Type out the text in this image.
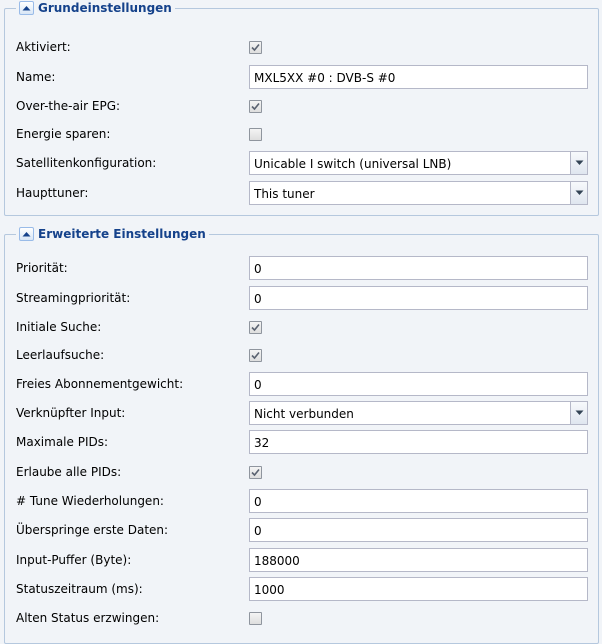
Grundeinstellungen
Aktiviert:
Name:	MXL5XX #0 : DVB-S #0
Over-the-air EPG:
Energie sparen:
Satellitenkonfiguration:	Unicable I switch (universal LNB)
Haupttuner:	This tuner
Erweiterte Einstellungen
Priorität:	0
Streamingpriorität:	0
Initiale Suche:
Leerlaufsuche:
Freies Abonnementgewicht:	0
Verknüpfter Input:	Nicht verbunden
Maximale PIDs:	32
Erlaube alle PIDs:
# Tune Wiederholungen:	0
Überspringe erste Daten:	0
Input-Puffer (Byte):	188000
Statuszeitraum (ms):	1000
Alten Status erzwingen:
